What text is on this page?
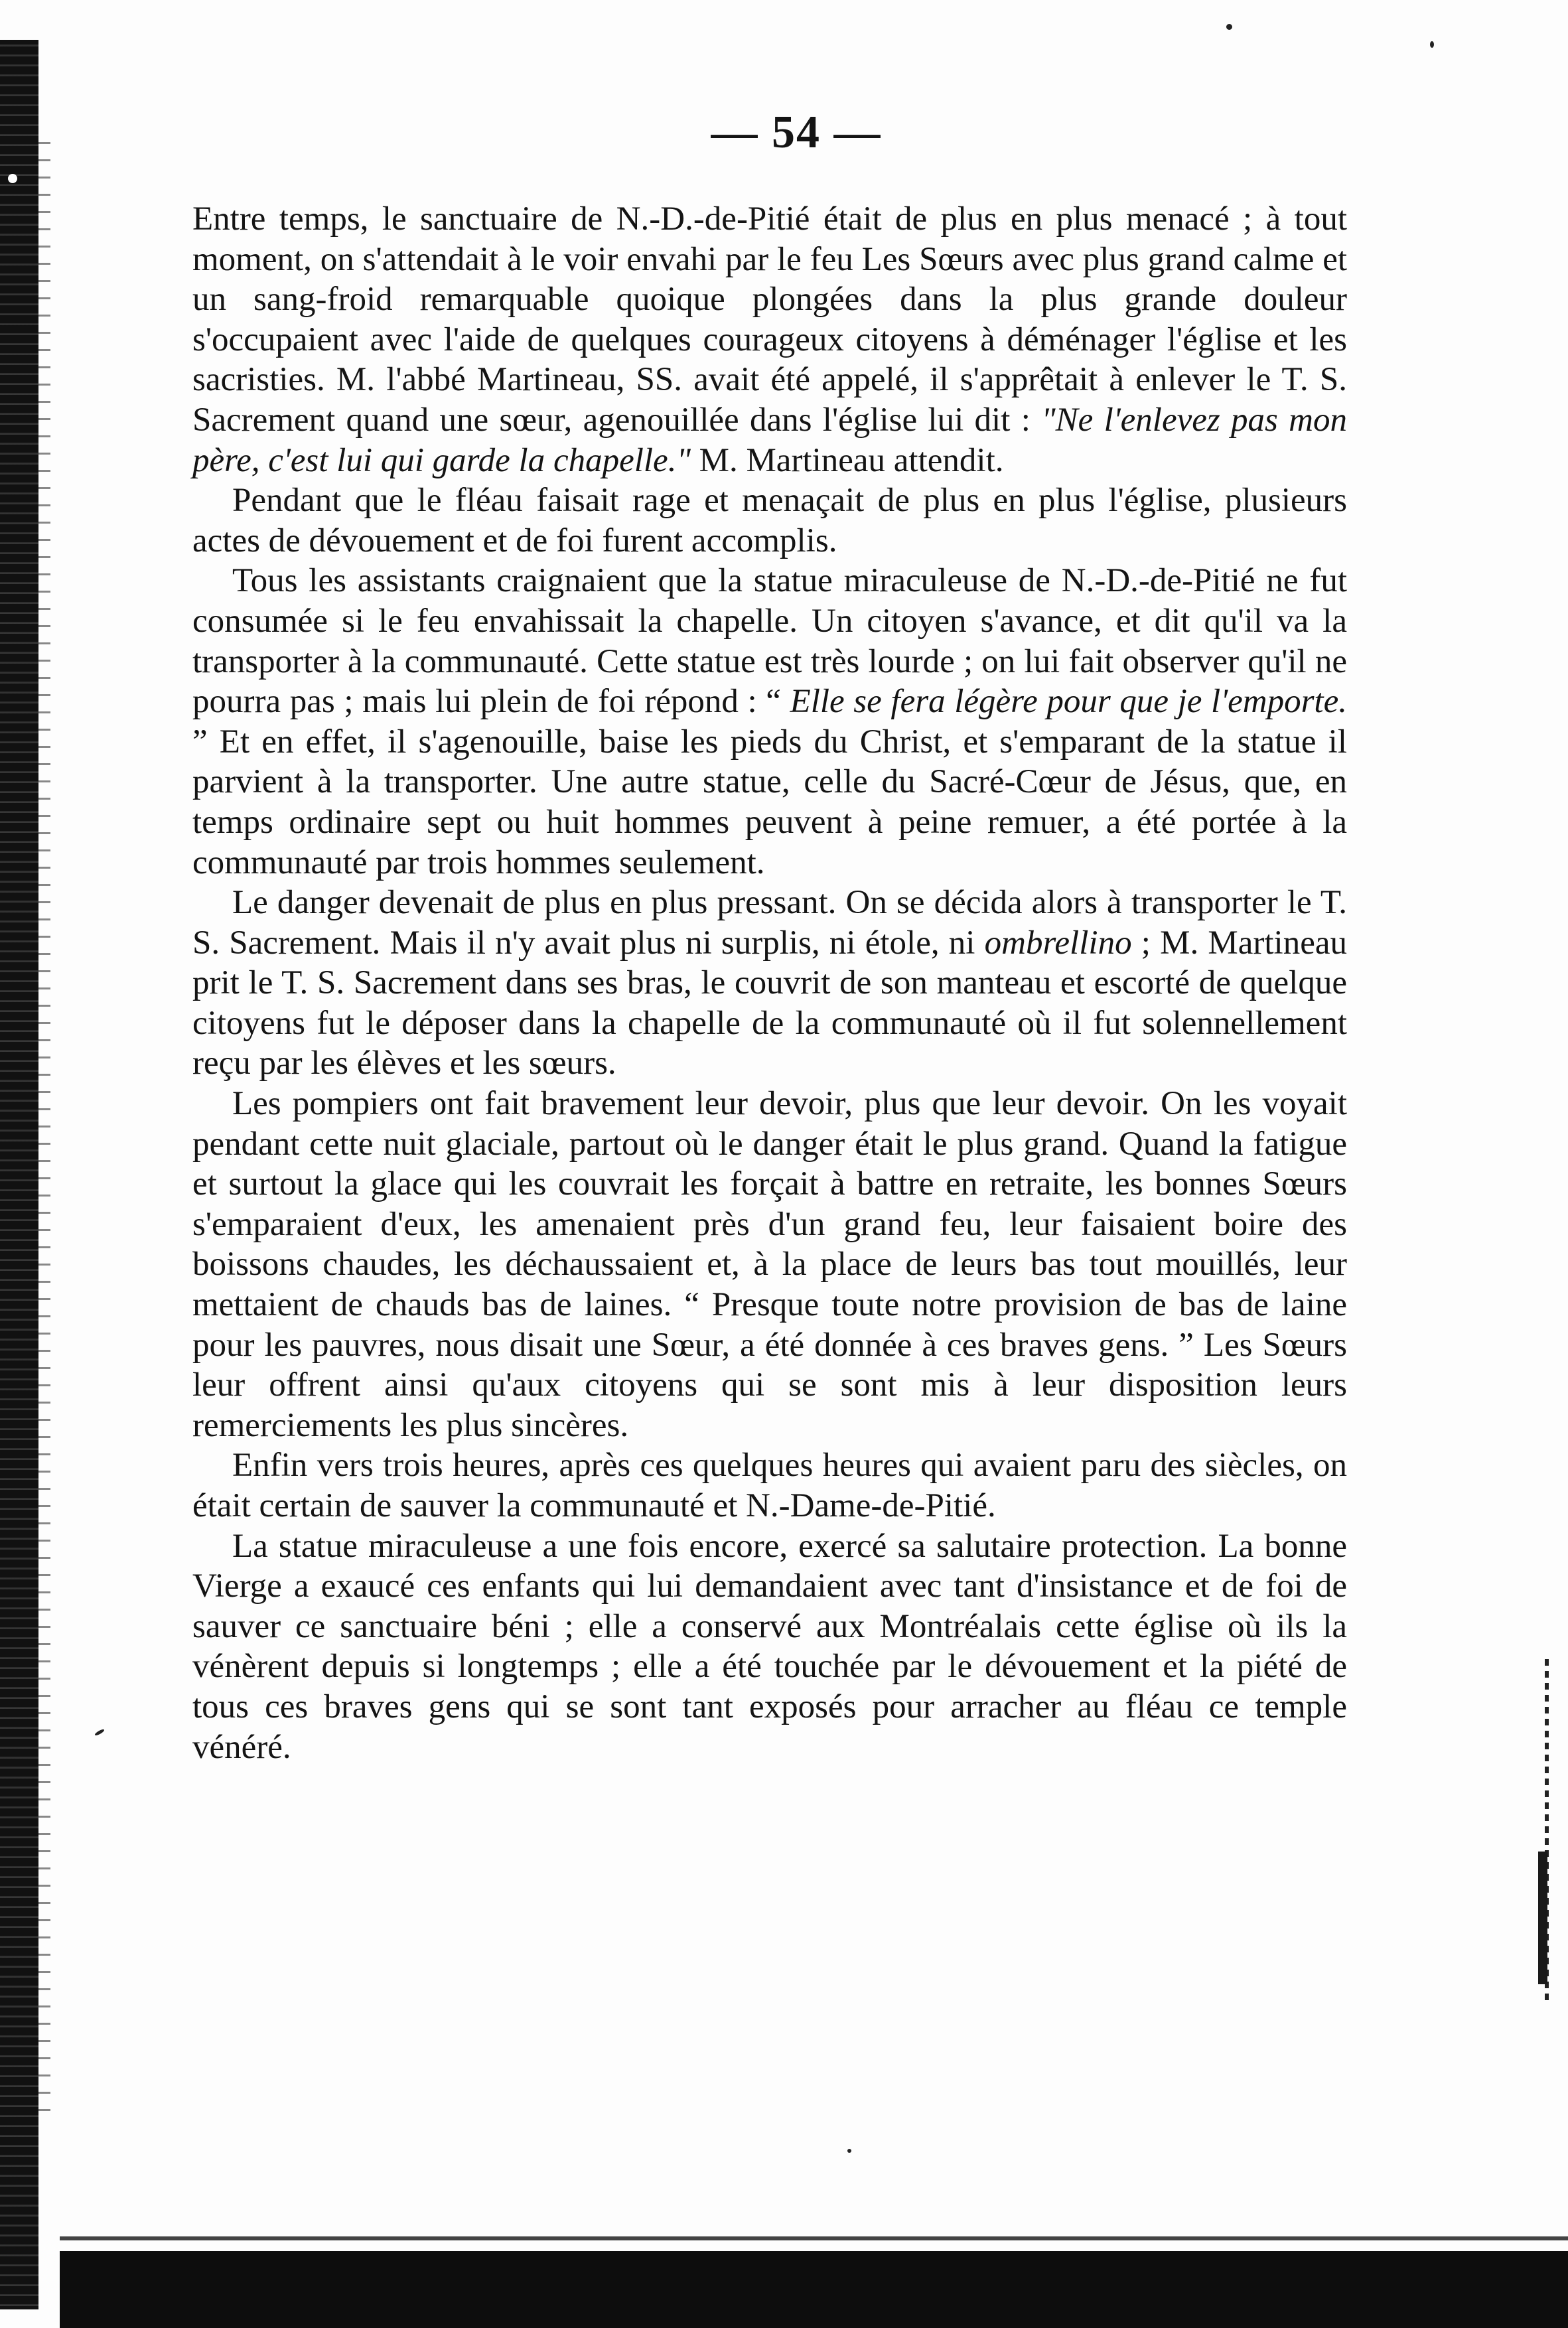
— 54 —

Entre temps, le sanctuaire de N.-D.-de-Pitié était de plus en plus menacé ; à tout moment, on s'attendait à le voir envahi par le feu Les Sœurs avec plus grand calme et un sang-froid remarquable quoique plongées dans la plus grande douleur s'occupaient avec l'aide de quelques courageux citoyens à déménager l'église et les sacristies. M. l'abbé Martineau, SS. avait été appelé, il s'apprêtait à enlever le T. S. Sacrement quand une sœur, agenouillée dans l'église lui dit : "Ne l'enlevez pas mon père, c'est lui qui garde la chapelle." M. Martineau attendit.

Pendant que le fléau faisait rage et menaçait de plus en plus l'église, plusieurs actes de dévouement et de foi furent accomplis.

Tous les assistants craignaient que la statue miraculeuse de N.-D.-de-Pitié ne fut consumée si le feu envahissait la chapelle. Un citoyen s'avance, et dit qu'il va la transporter à la communauté. Cette statue est très lourde ; on lui fait observer qu'il ne pourra pas ; mais lui plein de foi répond : “ Elle se fera légère pour que je l'emporte. ” Et en effet, il s'agenouille, baise les pieds du Christ, et s'emparant de la statue il parvient à la transporter. Une autre statue, celle du Sacré-Cœur de Jésus, que, en temps ordinaire sept ou huit hommes peuvent à peine remuer, a été portée à la communauté par trois hommes seulement.

Le danger devenait de plus en plus pressant. On se décida alors à transporter le T. S. Sacrement. Mais il n'y avait plus ni surplis, ni étole, ni ombrellino ; M. Martineau prit le T. S. Sacrement dans ses bras, le couvrit de son manteau et escorté de quelque citoyens fut le déposer dans la chapelle de la communauté où il fut solennellement reçu par les élèves et les sœurs.

Les pompiers ont fait bravement leur devoir, plus que leur devoir. On les voyait pendant cette nuit glaciale, partout où le danger était le plus grand. Quand la fatigue et surtout la glace qui les couvrait les forçait à battre en retraite, les bonnes Sœurs s'emparaient d'eux, les amenaient près d'un grand feu, leur faisaient boire des boissons chaudes, les déchaussaient et, à la place de leurs bas tout mouillés, leur mettaient de chauds bas de laines. “ Presque toute notre provision de bas de laine pour les pauvres, nous disait une Sœur, a été donnée à ces braves gens. ” Les Sœurs leur offrent ainsi qu'aux citoyens qui se sont mis à leur disposition leurs remerciements les plus sincères.

Enfin vers trois heures, après ces quelques heures qui avaient paru des siècles, on était certain de sauver la communauté et N.-Dame-de-Pitié.

La statue miraculeuse a une fois encore, exercé sa salutaire protection. La bonne Vierge a exaucé ces enfants qui lui demandaient avec tant d'insistance et de foi de sauver ce sanctuaire béni ; elle a conservé aux Montréalais cette église où ils la vénèrent depuis si longtemps ; elle a été touchée par le dévouement et la piété de tous ces braves gens qui se sont tant exposés pour arracher au fléau ce temple vénéré.
